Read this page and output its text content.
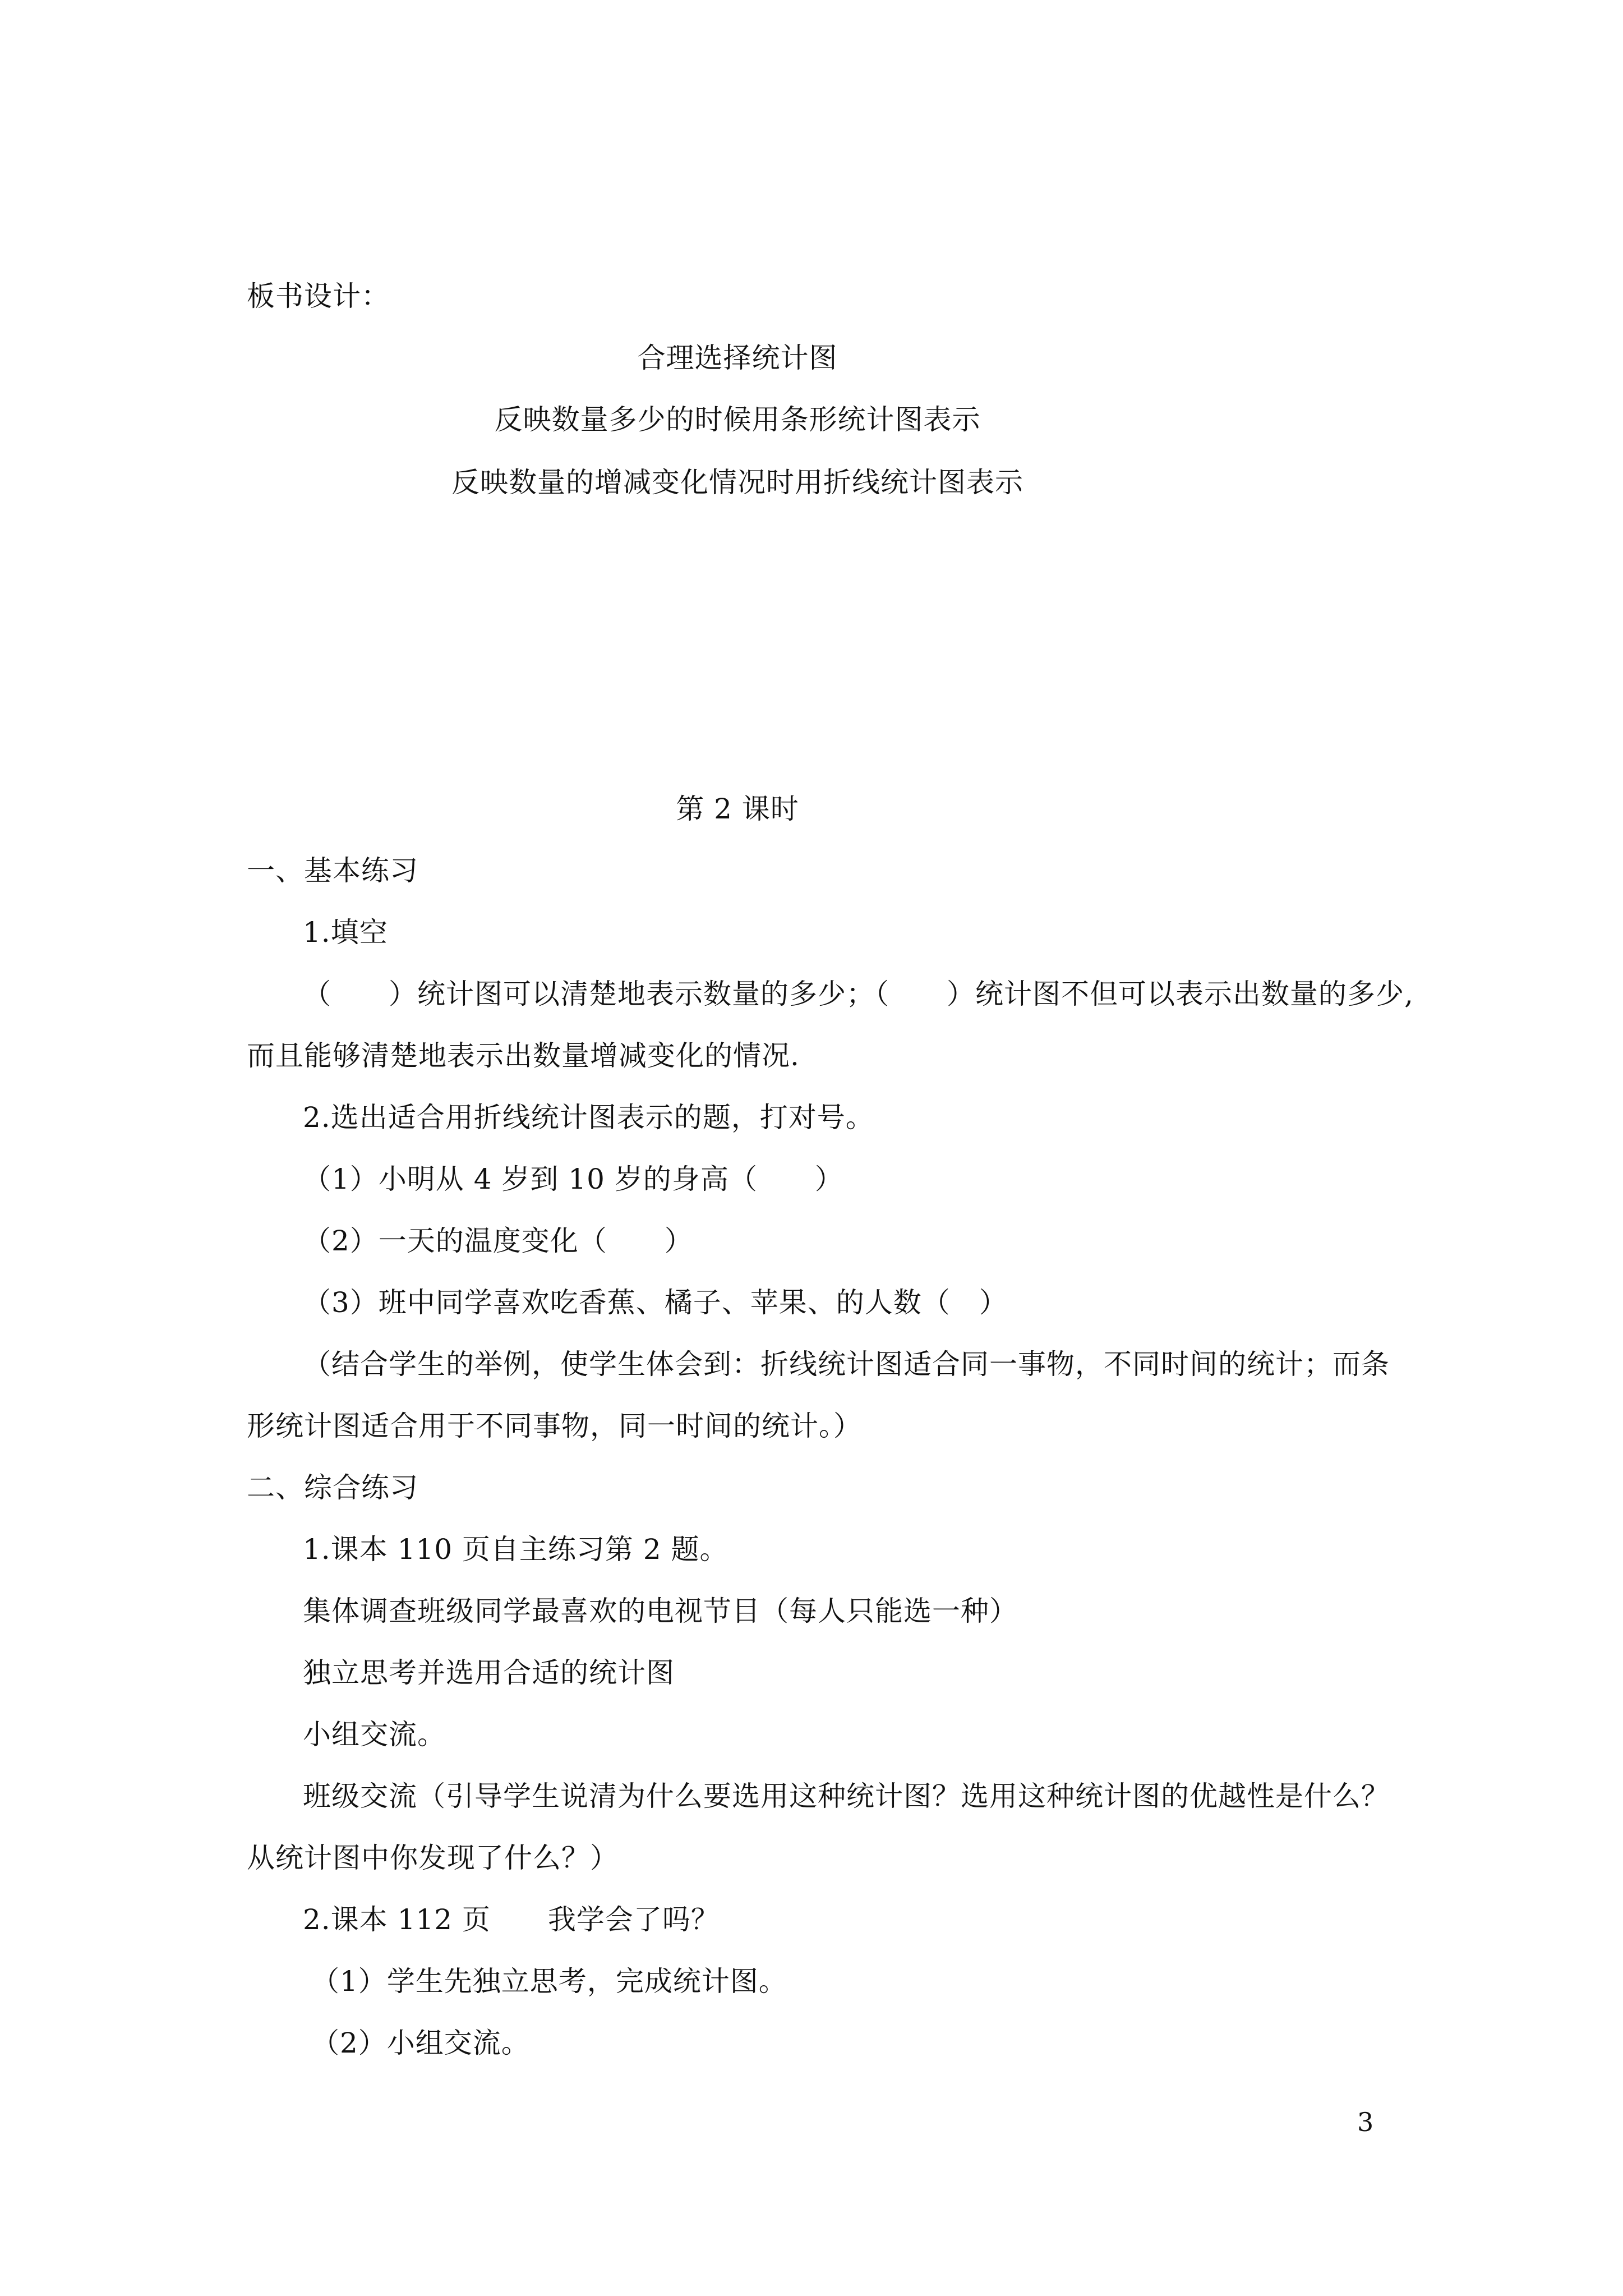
板书设计：
合理选择统计图
反映数量多少的时候用条形统计图表示
反映数量的增减变化情况时用折线统计图表示
第 2 课时
一、基本练习
1.填空
（　　）统计图可以清楚地表示数量的多少；（　　）统计图不但可以表示出数量的多少,
而且能够清楚地表示出数量增减变化的情况.
2.选出适合用折线统计图表示的题，打对号。
（1）小明从 4 岁到 10 岁的身高（　　）
（2）一天的温度变化（　　）
（3）班中同学喜欢吃香蕉、橘子、苹果、的人数（　）
（结合学生的举例，使学生体会到：折线统计图适合同一事物，不同时间的统计；而条
形统计图适合用于不同事物，同一时间的统计。）
二、综合练习
1.课本 110 页自主练习第 2 题。
集体调查班级同学最喜欢的电视节目（每人只能选一种）
独立思考并选用合适的统计图
小组交流。
班级交流（引导学生说清为什么要选用这种统计图？选用这种统计图的优越性是什么？
从统计图中你发现了什么？）
2.课本 112 页　　我学会了吗？
（1）学生先独立思考，完成统计图。
（2）小组交流。
3
